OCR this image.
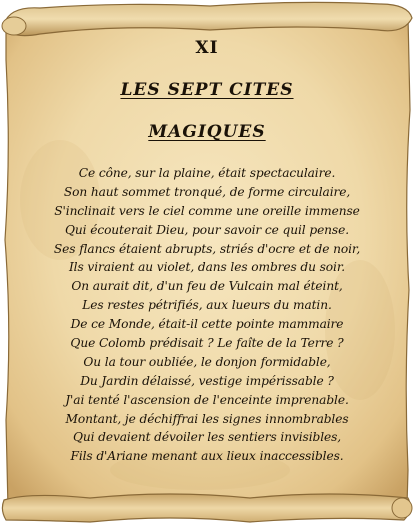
XI
LES SEPT CITES
MAGIQUES
Ce cône, sur la plaine, était spectaculaire.
Son haut sommet tronqué, de forme circulaire,
S'inclinait vers le ciel comme une oreille immense
Qui écouterait Dieu, pour savoir ce quil pense.
Ses flancs étaient abrupts, striés d'ocre et de noir,
Ils viraient au violet, dans les ombres du soir.
On aurait dit, d'un feu de Vulcain mal éteint,
Les restes pétrifiés, aux lueurs du matin.
De ce Monde, était-il cette pointe mammaire
Que Colomb prédisait ? Le faîte de la Terre ?
Ou la tour oubliée, le donjon formidable,
Du Jardin délaissé, vestige impérissable ?
J'ai tenté l'ascension de l'enceinte imprenable.
Montant, je déchiffrai les signes innombrables
Qui devaient dévoiler les sentiers invisibles,
Fils d'Ariane menant aux lieux inaccessibles.
